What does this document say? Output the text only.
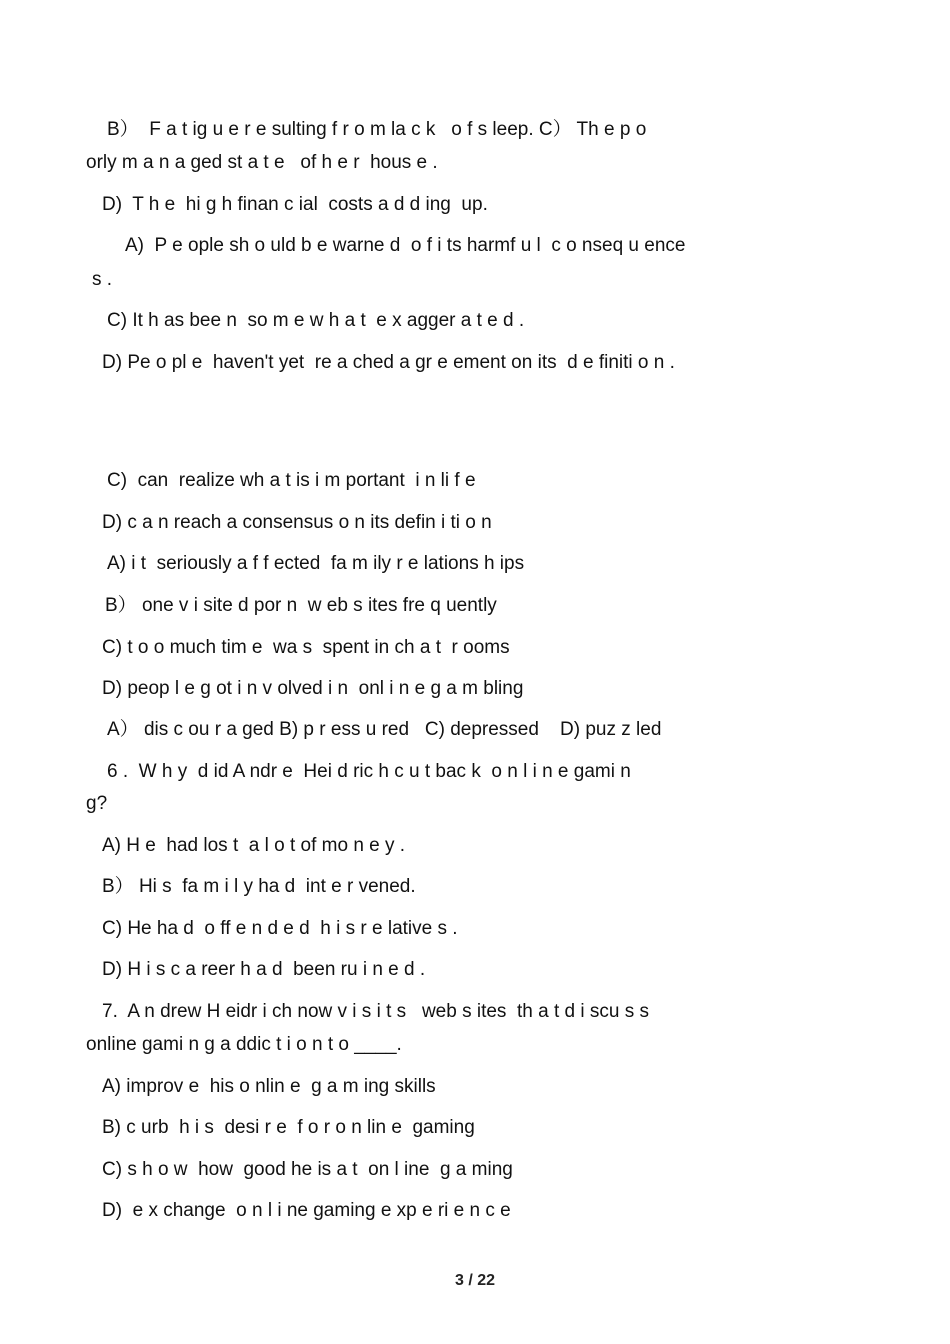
B）  F a t ig u e r e sulting f r o m la c k   o f s leep. C） Th e p o

orly m a n a ged st a t e   of h e r  hous e .

D)  T h e  hi g h finan c ial  costs a d d ing  up.

A)  P e ople sh o uld b e warne d  o f i ts harmf u l  c o nseq u ence

s .

C) It h as bee n  so m e w h a t  e x agger a t e d .

D) Pe o pl e  haven't yet  re a ched a gr e ement on its  d e finiti o n .

C)  can  realize wh a t is i m portant  i n li f e

D) c a n reach a consensus o n its defin i ti o n

A) i t  seriously a f f ected  fa m ily r e lations h ips

B） one v i site d por n  w eb s ites fre q uently

C) t o o much tim e  wa s  spent in ch a t  r ooms

D) peop l e g ot i n v olved i n  onl i n e g a m bling

A） dis c ou r a ged B) p r ess u red   C) depressed    D) puz z led

6 .  W h y  d id A ndr e  Hei d ric h c u t bac k  o n l i n e gami n

g?

A) H e  had los t  a l o t of mo n e y .

B） Hi s  fa m i l y ha d  int e r vened.

C) He ha d  o ff e n d e d  h i s r e lative s .

D) H i s c a reer h a d  been ru i n e d .

7.  A n drew H eidr i ch now v i s i t s   web s ites  th a t d i scu s s

online gami n g a ddic t i o n t o ____.

A) improv e  his o nlin e  g a m ing skills

B) c urb  h i s  desi r e  f o r o n lin e  gaming

C) s h o w  how  good he is a t  on l ine  g a ming

D)  e x change  o n l i ne gaming e xp e ri e n c e

3 / 22
